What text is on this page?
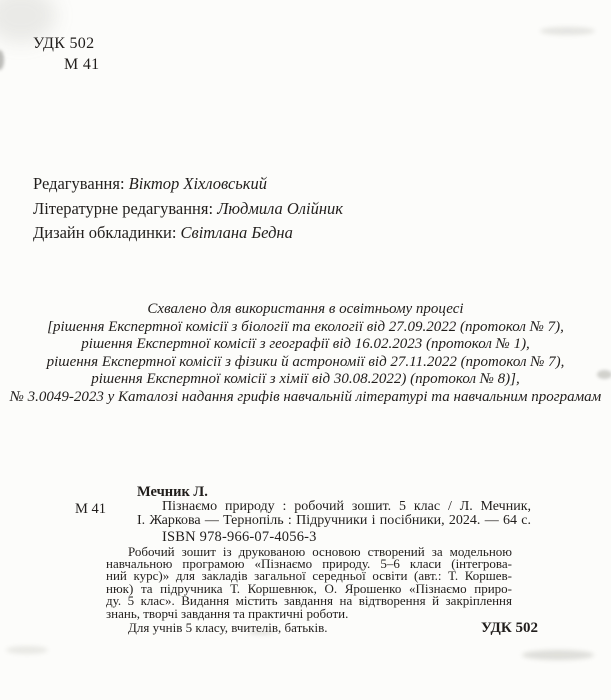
УДК 502
М 41
Редагування: Віктор Хіхловський
Літературне редагування: Людмила Олійник
Дизайн обкладинки: Світлана Бедна
Схвалено для використання в освітньому процесі
[рішення Експертної комісії з біології та екології від 27.09.2022 (протокол № 7),
рішення Експертної комісії з географії від 16.02.2023 (протокол № 1),
рішення Експертної комісії з фізики й астрономії від 27.11.2022 (протокол № 7),
рішення Експертної комісії з хімії від 30.08.2022) (протокол № 8)],
№ 3.0049-2023 у Каталозі надання грифів навчальній літературі та навчальним програмам
Мечник Л.
М 41	Пізнаємо природу : робочий зошит. 5 клас / Л. Мечник,
І. Жаркова — Тернопіль : Підручники і посібники, 2024. — 64 с.
ISBN 978-966-07-4056-3
Робочий зошит із друкованою основою створений за модельною
навчальною програмою «Пізнаємо природу. 5–6 класи (інтегрова-
ний курс)» для закладів загальної середньої освіти (авт.: Т. Коршев-
нюк) та підручника Т. Коршевнюк, О. Ярошенко «Пізнаємо приро-
ду. 5 клас». Видання містить завдання на відтворення й закріплення
знань, творчі завдання та практичні роботи.
Для учнів 5 класу, вчителів, батьків.	УДК 502
